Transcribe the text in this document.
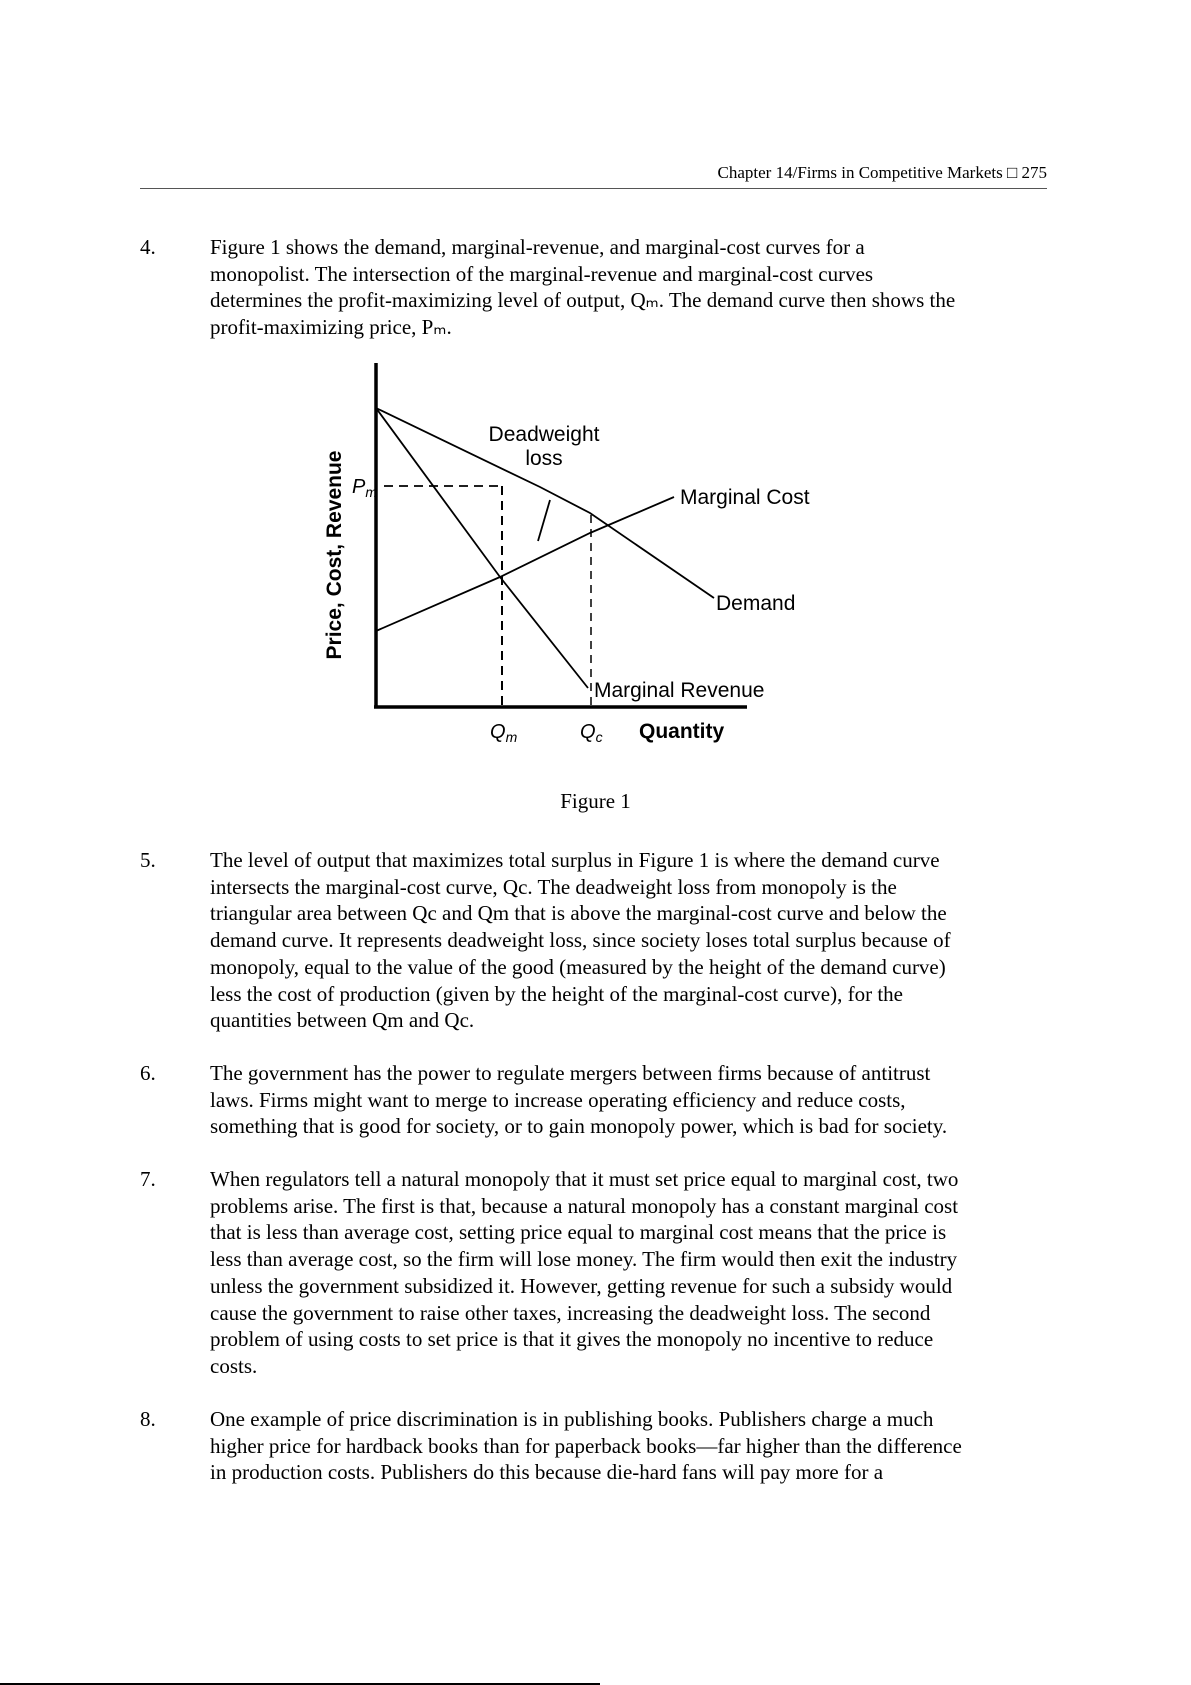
Chapter 14/Firms in Competitive Markets □ 275
4.	Figure 1 shows the demand, marginal-revenue, and marginal-cost curves for a
monopolist. The intersection of the marginal-revenue and marginal-cost curves
determines the profit-maximizing level of output, Qₘ. The demand curve then shows the
profit-maximizing price, Pₘ.
Price, Cost, Revenue $P_m$
$Q_m$	$Q_c$ Quantity
Deadweight
loss
Marginal Cost
Demand
Marginal Revenue
Figure 1
5.	The level of output that maximizes total surplus in Figure 1 is where the demand curve
intersects the marginal-cost curve, Qc. The deadweight loss from monopoly is the
triangular area between Qc and Qm that is above the marginal-cost curve and below the
demand curve. It represents deadweight loss, since society loses total surplus because of
monopoly, equal to the value of the good (measured by the height of the demand curve)
less the cost of production (given by the height of the marginal-cost curve), for the
quantities between Qm and Qc.
6.	The government has the power to regulate mergers between firms because of antitrust
laws. Firms might want to merge to increase operating efficiency and reduce costs,
something that is good for society, or to gain monopoly power, which is bad for society.
7.	When regulators tell a natural monopoly that it must set price equal to marginal cost, two
problems arise. The first is that, because a natural monopoly has a constant marginal cost
that is less than average cost, setting price equal to marginal cost means that the price is
less than average cost, so the firm will lose money. The firm would then exit the industry
unless the government subsidized it. However, getting revenue for such a subsidy would
cause the government to raise other taxes, increasing the deadweight loss. The second
problem of using costs to set price is that it gives the monopoly no incentive to reduce
costs.
8.	One example of price discrimination is in publishing books. Publishers charge a much
higher price for hardback books than for paperback books—far higher than the difference
in production costs. Publishers do this because die-hard fans will pay more for a
